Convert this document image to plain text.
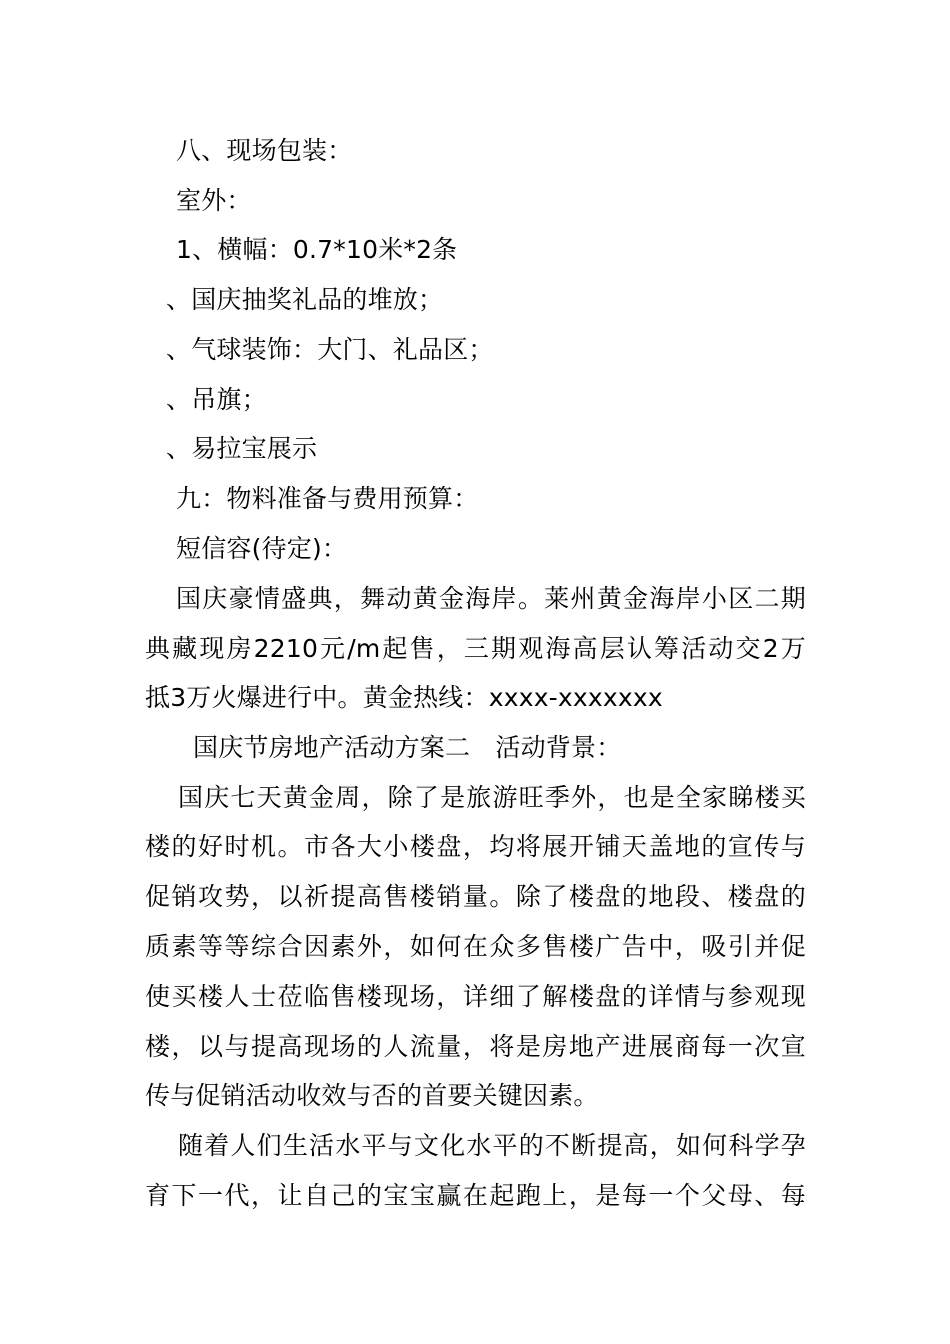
八、现场包装：
室外：
1、横幅：0.7*10米*2条
、国庆抽奖礼品的堆放；
、气球装饰：大门、礼品区；
、吊旗；
、易拉宝展示
九：物料准备与费用预算：
短信容(待定)：
国庆豪情盛典，舞动黄金海岸。莱州黄金海岸小区二期
典藏现房2210元/m起售，三期观海高层认筹活动交2万
抵3万火爆进行中。黄金热线：xxxx-xxxxxxx
国庆节房地产活动方案二　活动背景：
国庆七天黄金周，除了是旅游旺季外，也是全家睇楼买
楼的好时机。市各大小楼盘，均将展开铺天盖地的宣传与
促销攻势，以祈提高售楼销量。除了楼盘的地段、楼盘的
质素等等综合因素外，如何在众多售楼广告中，吸引并促
使买楼人士莅临售楼现场，详细了解楼盘的详情与参观现
楼，以与提高现场的人流量，将是房地产进展商每一次宣
传与促销活动收效与否的首要关键因素。
随着人们生活水平与文化水平的不断提高，如何科学孕
育下一代，让自己的宝宝赢在起跑上，是每一个父母、每
